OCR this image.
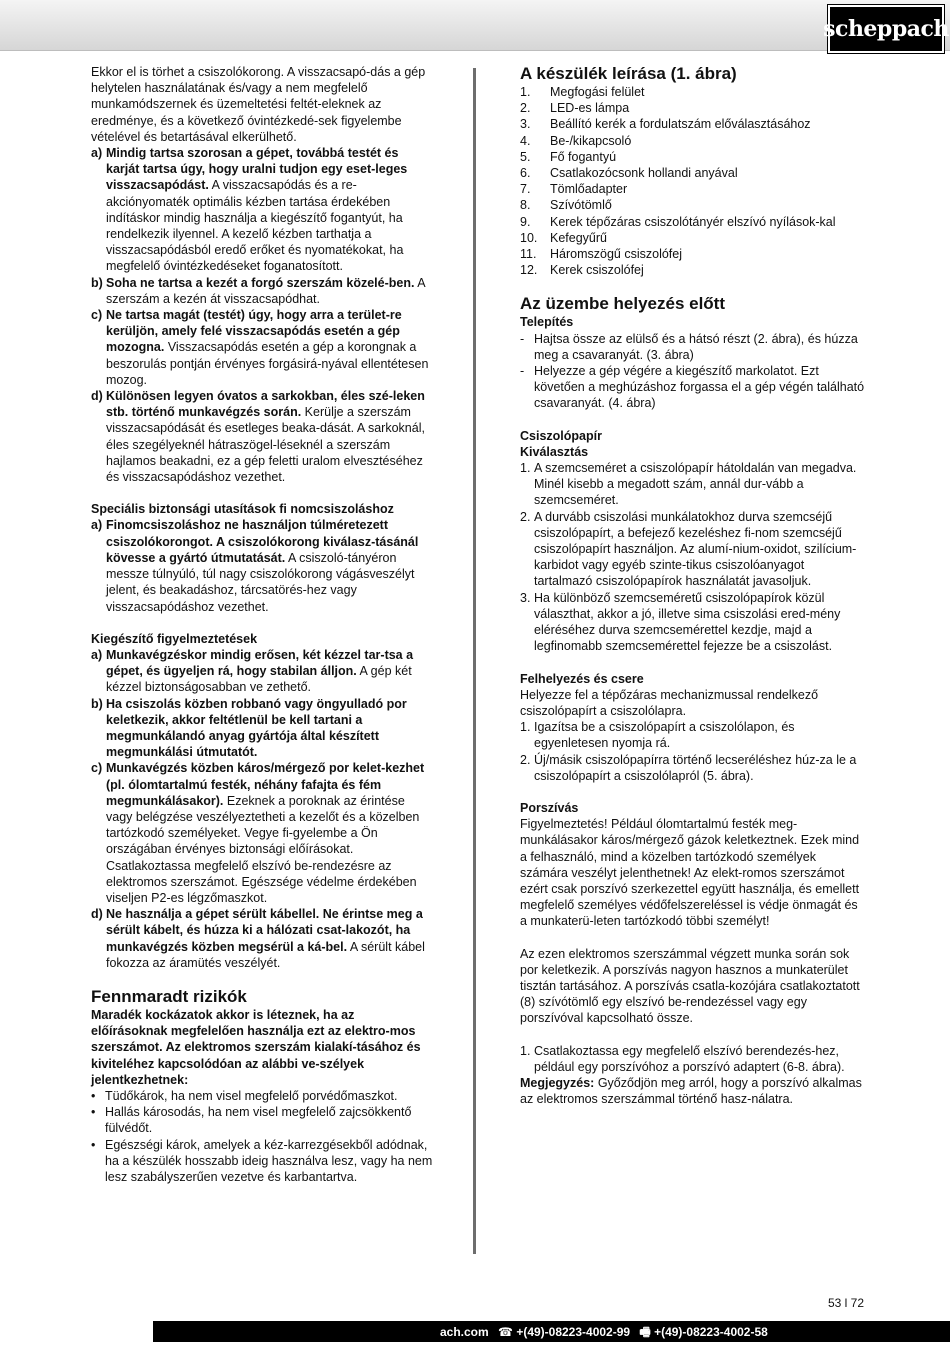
scheppach

Ekkor el is törhet a csiszolókorong. A visszacsapó-dás a gép helytelen használatának és/vagy a nem megfelelő munkamódszernek és üzemeltetési feltét-eleknek az eredménye, és a következő óvintézkedé-sek figyelembe vételével és betartásával elkerülhető.

a) Mindig tartsa szorosan a gépet, továbbá testét és karját tartsa úgy, hogy uralni tudjon egy eset-leges visszacsapódást. A visszacsapódás és a re-akciónyomaték optimális kézben tartása érdekében indításkor mindig használja a kiegészítő fogantyút, ha rendelkezik ilyennel. A kezelő kézben tarthatja a visszacsapódásból eredő erőket és nyomatékokat, ha megfelelő óvintézkedéseket foganatosított.
b) Soha ne tartsa a kezét a forgó szerszám közelé-ben. A szerszám a kezén át visszacsapódhat.
c) Ne tartsa magát (testét) úgy, hogy arra a terület-re kerüljön, amely felé visszacsapódás esetén a gép mozogna. Visszacsapódás esetén a gép a korongnak a beszorulás pontján érvényes forgásirá-nyával ellentétesen mozog.
d) Különösen legyen óvatos a sarkokban, éles szé-leken stb. történő munkavégzés során. Kerülje a szerszám visszacsapódását és esetleges beaka-dását. A sarkoknál, éles szegélyeknél hátraszögel-léseknél a szerszám hajlamos beakadni, ez a gép feletti uralom elvesztéséhez és visszacsapódáshoz vezethet.

Speciális biztonsági utasítások fi nomcsiszoláshoz

a) Finomcsiszoláshoz ne használjon túlméretezett csiszolókorongot. A csiszolókorong kiválasz-tásánál kövesse a gyártó útmutatását. A csiszoló-tányéron messze túlnyúló, túl nagy csiszolókorong vágásveszélyt jelent, és beakadáshoz, tárcsatörés-hez vagy visszacsapódáshoz vezethet.

Kiegészítő figyelmeztetések

a) Munkavégzéskor mindig erősen, két kézzel tar-tsa a gépet, és ügyeljen rá, hogy stabilan álljon. A gép két kézzel biztonságosabban ve zethető.
b) Ha csiszolás közben robbanó vagy öngyulladó por keletkezik, akkor feltétlenül be kell tartani a megmunkálandó anyag gyártója által készített megmunkálási útmutatót.
c) Munkavégzés közben káros/mérgező por kelet-kezhet (pl. ólomtartalmú festék, néhány fafajta és fém megmunkálásakor). Ezeknek a poroknak az érintése vagy belégzése veszélyeztetheti a kezelőt és a közelben tartózkodó személyeket. Vegye fi-gyelembe a Ön országában érvényes biztonsági előírásokat. Csatlakoztassa megfelelő elszívó be-rendezésre az elektromos szerszámot. Egészsége védelme érdekében viseljen P2-es légzőmaszkot.
d) Ne használja a gépet sérült kábellel. Ne érintse meg a sérült kábelt, és húzza ki a hálózati csat-lakozót, ha munkavégzés közben megsérül a ká-bel. A sérült kábel fokozza az áramütés veszélyét.

Fennmaradt rizikók

Maradék kockázatok akkor is léteznek, ha az előírásoknak megfelelően használja ezt az elektro-mos szerszámot. Az elektromos szerszám kialakí-tásához és kiviteléhez kapcsolódóan az alábbi ve-szélyek jelentkezhetnek:

• Tüdőkárok, ha nem visel megfelelő porvédőmaszkot.
• Hallás károsodás, ha nem visel megfelelő zajcsökkentő fülvédőt.
• Egészségi károk, amelyek a kéz-karrezgésekből adódnak, ha a készülék hosszabb ideig használva lesz, vagy ha nem lesz szabályszerűen vezetve és karbantartva.

A készülék leírása (1. ábra)

1.	Megfogási felület
2.	LED-es lámpa
3.	Beállító kerék a fordulatszám előválasztásához
4.	Be-/kikapcsoló
5.	Fő fogantyú
6.	Csatlakozócsonk hollandi anyával
7.	Tömlőadapter
8.	Szívótömlő
9.	Kerek tépőzáras csiszolótányér elszívó nyílások-kal
10.	Kefegyűrű
11.	Háromszögű csiszolófej
12.	Kerek csiszolófej

Az üzembe helyezés előtt

Telepítés

- Hajtsa össze az elülső és a hátsó részt (2. ábra), és húzza meg a csavaranyát. (3. ábra)
- Helyezze a gép végére a kiegészítő markolatot. Ezt követően a meghúzáshoz forgassa el a gép végén található csavaranyát. (4. ábra)

Csiszolópapír

Kiválasztás

1. A szemcseméret a csiszolópapír hátoldalán van megadva. Minél kisebb a megadott szám, annál dur-vább a szemcseméret.
2. A durvább csiszolási munkálatokhoz durva szemcséjű csiszolópapírt, a befejező kezeléshez fi-nom szemcséjű csiszolópapírt használjon. Az alumí-nium-oxidot, szilícium-karbidot vagy egyéb szinte-tikus csiszolóanyagot tartalmazó csiszolópapírok használatát javasoljuk.
3. Ha különböző szemcseméretű csiszolópapírok közül választhat, akkor a jó, illetve sima csiszolási ered-mény eléréséhez durva szemcsemérettel kezdje, majd a legfinomabb szemcsemérettel fejezze be a csiszolást.

Felhelyezés és csere

Helyezze fel a tépőzáras mechanizmussal rendelkező csiszolópapírt a csiszolólapra.

1. Igazítsa be a csiszolópapírt a csiszolólapon, és egyenletesen nyomja rá.
2. Új/másik csiszolópapírra történő lecseréléshez húz-za le a csiszolópapírt a csiszolólapról (5. ábra).

Porszívás

Figyelmeztetés! Például ólomtartalmú festék meg-munkálásakor káros/mérgező gázok keletkeztnek. Ezek mind a felhasználó, mind a közelben tartózkodó személyek számára veszélyt jelenthetnek! Az elekt-romos szerszámot ezért csak porszívó szerkezettel együtt használja, és emellett megfelelő személyes védőfelszereléssel is védje önmagát és a munkaterü-leten tartózkodó többi személyt!

Az ezen elektromos szerszámmal végzett munka során sok por keletkezik. A porszívás nagyon hasznos a munkaterület tisztán tartásához. A porszívás csatla-kozójára csatlakoztatott (8) szívótömlő egy elszívó be-rendezéssel vagy egy porszívóval kapcsolható össze.

1. Csatlakoztassa egy megfelelő elszívó berendezés-hez, például egy porszívóhoz a porszívó adaptert (6-8. ábra).

Megjegyzés: Győződjön meg arról, hogy a porszívó alkalmas az elektromos szerszámmal történő hasz-nálatra.

53 l 72
ach.com ☎ +(49)-08223-4002-99 🖷 +(49)-08223-4002-58
